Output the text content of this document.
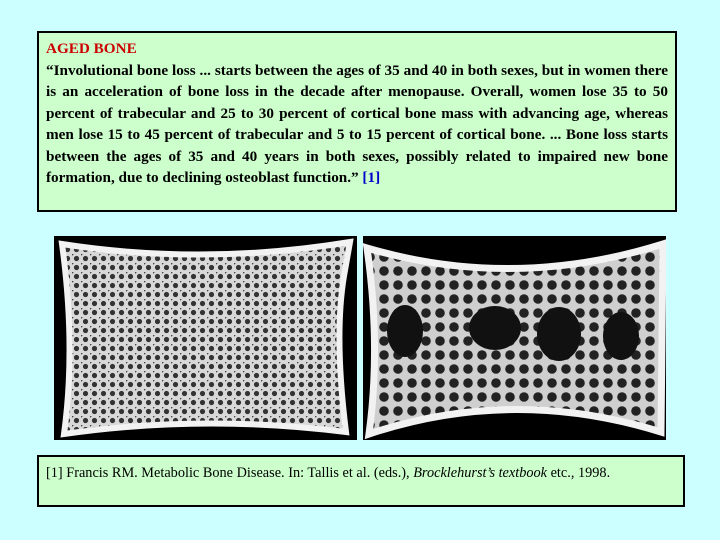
AGED BONE
“Involutional bone loss ... starts between the ages of 35 and 40 in both sexes, but in women there is an acceleration of bone loss in the decade after menopause. Overall, women lose 35 to 50 percent of trabecular and 25 to 30 percent of cortical bone mass with advancing age, whereas men lose 15 to 45 percent of trabecular and 5 to 15 percent of cortical bone. ... Bone loss starts between the ages of 35 and 40 years in both sexes, possibly related to impaired new bone formation, due to declining osteoblast function.” [1]
[1] Francis RM. Metabolic Bone Disease. In: Tallis et al. (eds.), Brocklehurst’s textbook etc., 1998.
